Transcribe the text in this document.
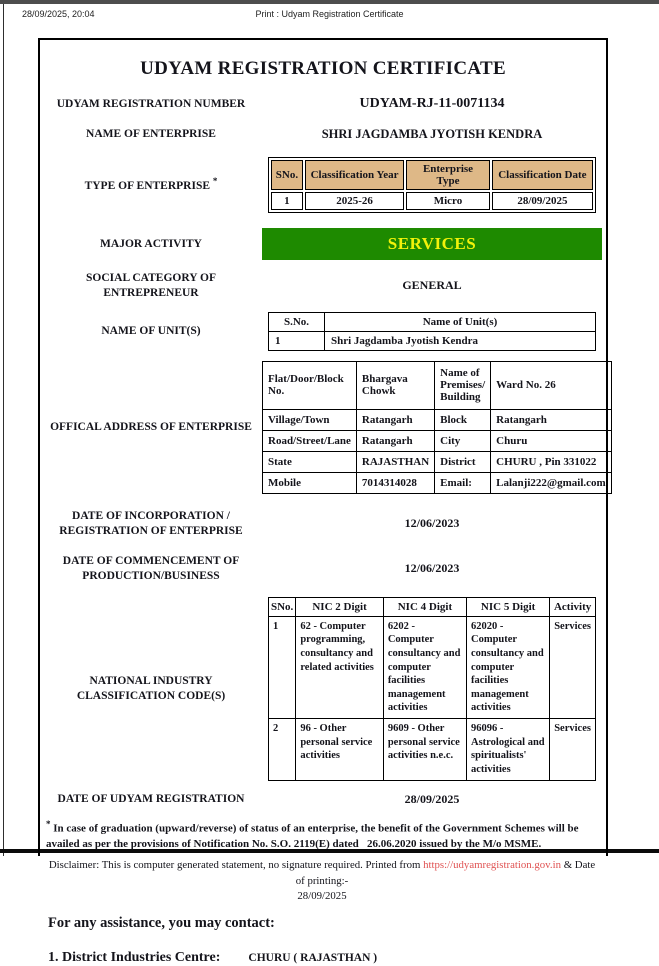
28/09/2025, 20:04	Print : Udyam Registration Certificate
UDYAM REGISTRATION CERTIFICATE
UDYAM REGISTRATION NUMBER	UDYAM-RJ-11-0071134
NAME OF ENTERPRISE	SHRI JAGDAMBA JYOTISH KENDRA
TYPE OF ENTERPRISE *
SNo.	Classification Year	Enterprise Type	Classification Date
1	2025-26	Micro	28/09/2025
MAJOR ACTIVITY	SERVICES
SOCIAL CATEGORY OF ENTREPRENEUR
GENERAL
NAME OF UNIT(S)
S.No.	Name of Unit(s)
1	Shri Jagdamba Jyotish Kendra
OFFICAL ADDRESS OF ENTERPRISE
Flat/Door/Block No.	Bhargava Chowk	Name of Premises/ Building	Ward No. 26
Village/Town	Ratangarh	Block	Ratangarh
Road/Street/Lane	Ratangarh	City	Churu
State	RAJASTHAN	District	CHURU , Pin 331022
Mobile	7014314028	Email:	Lalanji222@gmail.com
DATE OF INCORPORATION / REGISTRATION OF ENTERPRISE
12/06/2023
DATE OF COMMENCEMENT OF PRODUCTION/BUSINESS
12/06/2023
NATIONAL INDUSTRY CLASSIFICATION CODE(S)
SNo.	NIC 2 Digit	NIC 4 Digit	NIC 5 Digit	Activity
1	62 - Computer programming, consultancy and related activities	6202 - Computer consultancy and computer facilities management activities	62020 - Computer consultancy and computer facilities management activities	Services
2	96 - Other personal service activities	9609 - Other personal service activities n.e.c.	96096 - Astrological and spiritualists' activities	Services
DATE OF UDYAM REGISTRATION	28/09/2025

* In case of graduation (upward/reverse) of status of an enterprise, the benefit of the Government Schemes will be availed as per the provisions of Notification No. S.O. 2119(E) dated   26.06.2020 issued by the M/o MSME.

Disclaimer: This is computer generated statement, no signature required. Printed from https://udyamregistration.gov.in & Date of printing:-
28/09/2025

For any assistance, you may contact:

1. District Industries Centre: CHURU ( RAJASTHAN )
